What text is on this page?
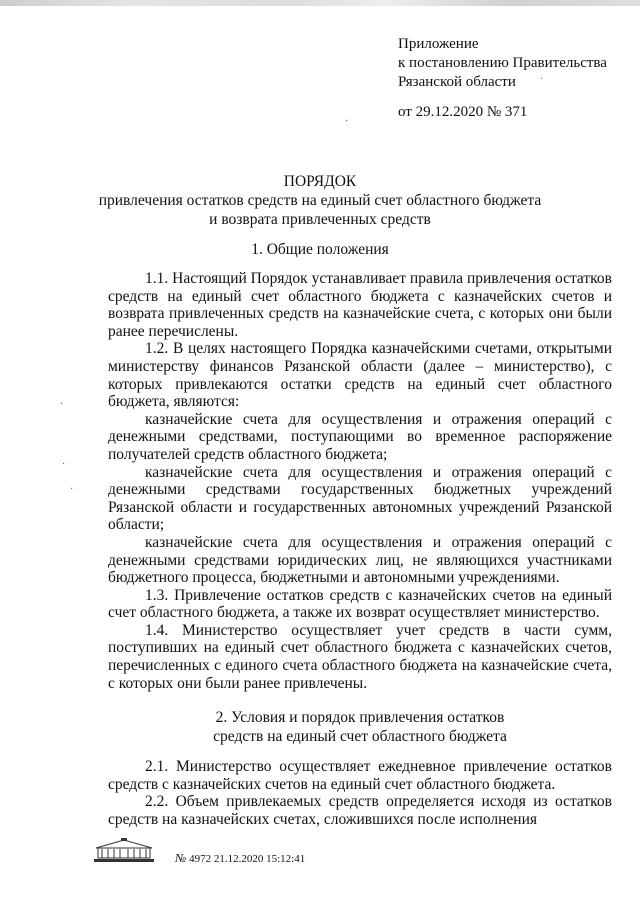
Приложение
к постановлению Правительства
Рязанской области
от 29.12.2020 № 371
ПОРЯДОК
привлечения остатков средств на единый счет областного бюджета
и возврата привлеченных средств
1. Общие положения

1.1. Настоящий Порядок устанавливает правила привлечения остатков средств на единый счет областного бюджета с казначейских счетов и возврата привлеченных средств на казначейские счета, с которых они были ранее перечислены.

1.2. В целях настоящего Порядка казначейскими счетами, открытыми министерству финансов Рязанской области (далее – министерство), с которых привлекаются остатки средств на единый счет областного бюджета, являются:

казначейские счета для осуществления и отражения операций с денежными средствами, поступающими во временное распоряжение получателей средств областного бюджета;

казначейские счета для осуществления и отражения операций с денежными средствами государственных бюджетных учреждений Рязанской области и государственных автономных учреждений Рязанской области;

казначейские счета для осуществления и отражения операций с денежными средствами юридических лиц, не являющихся участниками бюджетного процесса, бюджетными и автономными учреждениями.

1.3. Привлечение остатков средств с казначейских счетов на единый счет областного бюджета, а также их возврат осуществляет министерство.

1.4. Министерство осуществляет учет средств в части сумм, поступивших на единый счет областного бюджета с казначейских счетов, перечисленных с единого счета областного бюджета на казначейские счета, с которых они были ранее привлечены.

2. Условия и порядок привлечения остатков
средств на единый счет областного бюджета

2.1. Министерство осуществляет ежедневное привлечение остатков средств с казначейских счетов на единый счет областного бюджета.

2.2. Объем привлекаемых средств определяется исходя из остатков средств на казначейских счетах, сложившихся после исполнения

№ 4972 21.12.2020 15:12:41
·
·
·
·
·
